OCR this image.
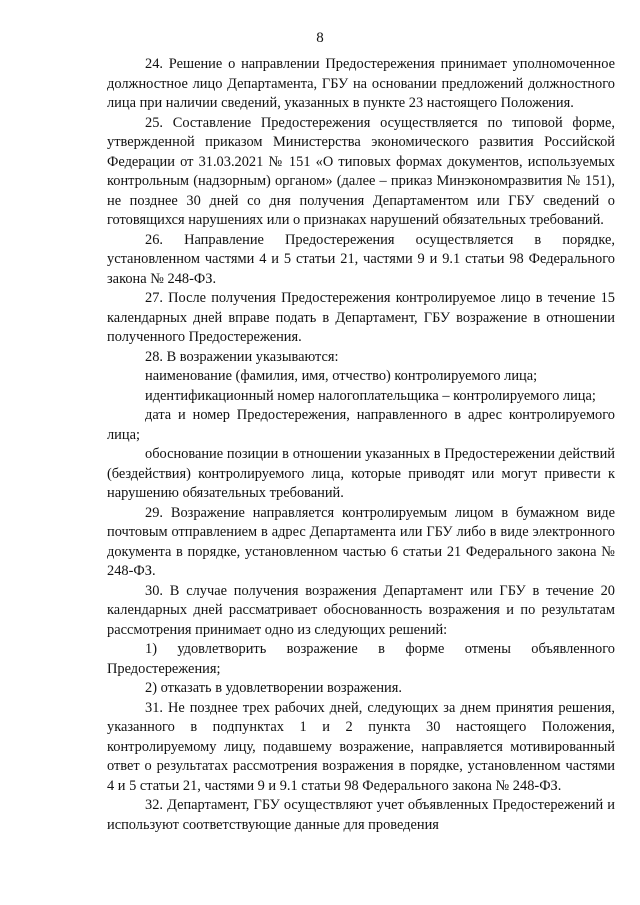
8

24. Решение о направлении Предостережения принимает уполномоченное должностное лицо Департамента, ГБУ на основании предложений должностного лица при наличии сведений, указанных в пункте 23 настоящего Положения.

25. Составление Предостережения осуществляется по типовой форме, утвержденной приказом Министерства экономического развития Российской Федерации от 31.03.2021 № 151 «О типовых формах документов, используемых контрольным (надзорным) органом» (далее – приказ Минэкономразвития № 151), не позднее 30 дней со дня получения Департаментом или ГБУ сведений о готовящихся нарушениях или о признаках нарушений обязательных требований.

26. Направление Предостережения осуществляется в порядке, установленном частями 4 и 5 статьи 21, частями 9 и 9.1 статьи 98 Федерального закона № 248-ФЗ.

27. После получения Предостережения контролируемое лицо в течение 15 календарных дней вправе подать в Департамент, ГБУ возражение в отношении полученного Предостережения.

28. В возражении указываются:

наименование (фамилия, имя, отчество) контролируемого лица;

идентификационный номер налогоплательщика – контролируемого лица;

дата и номер Предостережения, направленного в адрес контролируемого лица;

обоснование позиции в отношении указанных в Предостережении действий (бездействия) контролируемого лица, которые приводят или могут привести к нарушению обязательных требований.

29. Возражение направляется контролируемым лицом в бумажном виде почтовым отправлением в адрес Департамента или ГБУ либо в виде электронного документа в порядке, установленном частью 6 статьи 21 Федерального закона № 248-ФЗ.

30. В случае получения возражения Департамент или ГБУ в течение 20 календарных дней рассматривает обоснованность возражения и по результатам рассмотрения принимает одно из следующих решений:

1) удовлетворить возражение в форме отмены объявленного Предостережения;

2) отказать в удовлетворении возражения.

31. Не позднее трех рабочих дней, следующих за днем принятия решения, указанного в подпунктах 1 и 2 пункта 30 настоящего Положения, контролируемому лицу, подавшему возражение, направляется мотивированный ответ о результатах рассмотрения возражения в порядке, установленном частями 4 и 5 статьи 21, частями 9 и 9.1 статьи 98 Федерального закона № 248-ФЗ.

32. Департамент, ГБУ осуществляют учет объявленных Предостережений и используют соответствующие данные для проведения
